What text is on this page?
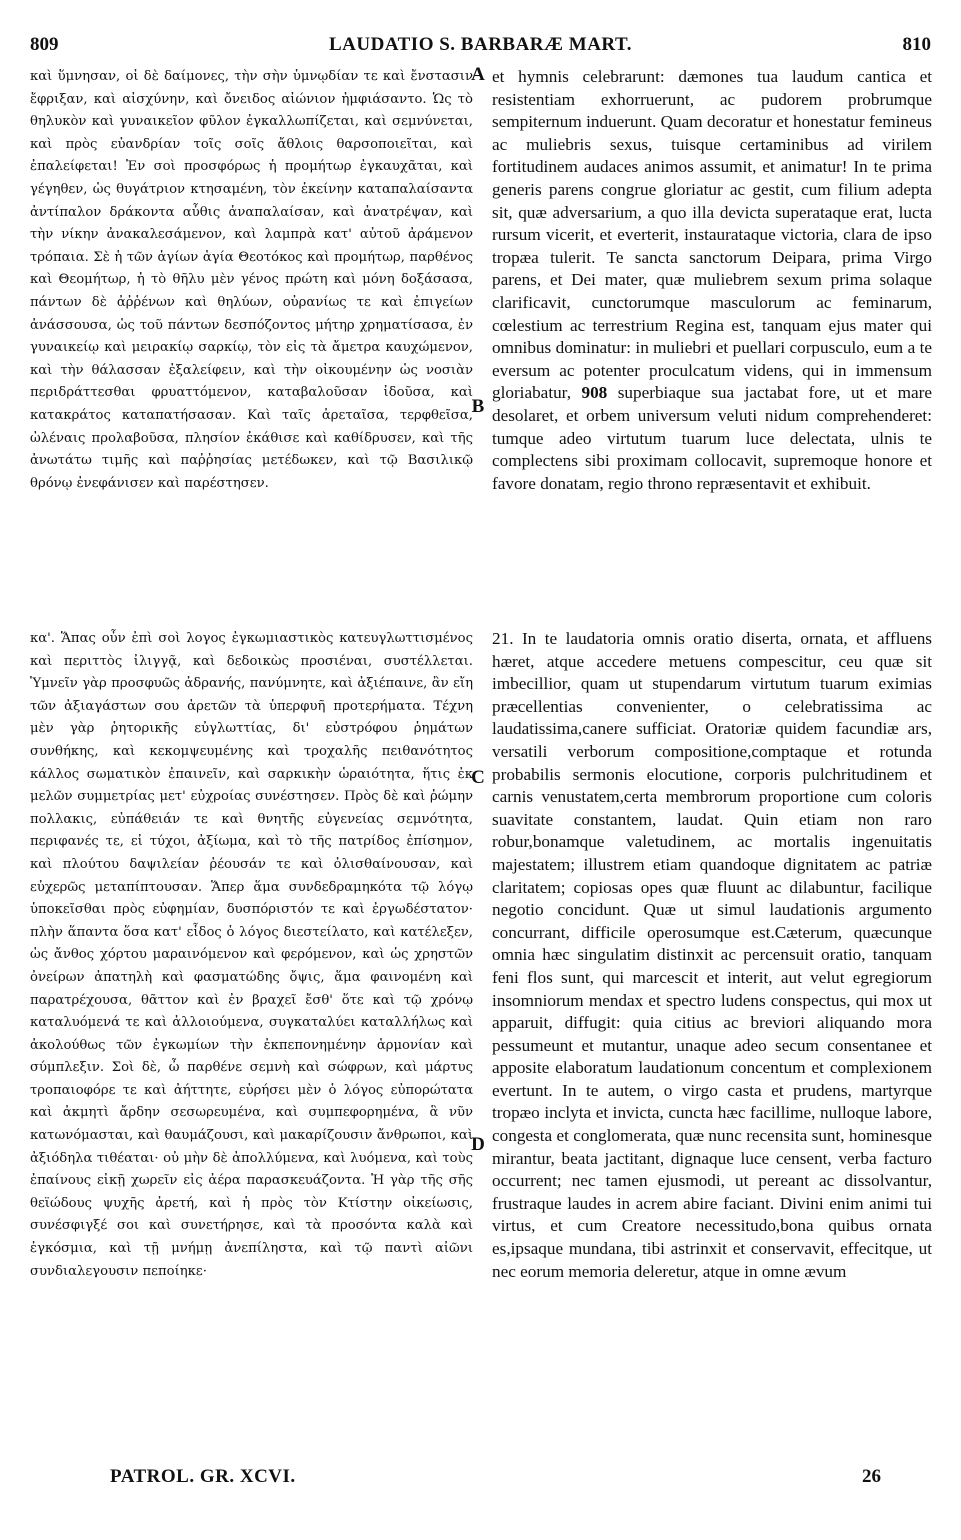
809	LAUDATIO S. BARBARÆ MART.	810

καὶ ὕμνησαν, οἱ δὲ δαίμονες, τὴν σὴν ὑμνῳδίαν τε καὶ ἔνστασιν ἔφριξαν, καὶ αἰσχύνην, καὶ ὄνειδος αἰώνιον ἠμφιάσαντο. Ὡς τὸ θηλυκὸν καὶ γυναικεῖον φῦλον ἐγκαλλωπίζεται, καὶ σεμνύνεται, καὶ πρὸς εὐανδρίαν τοῖς σοῖς ἄθλοις θαρσοποιεῖται, καὶ ἐπαλείφεται! Ἐν σοὶ προσφόρως ἡ προμήτωρ ἐγκαυχᾶται, καὶ γέγηθεν, ὡς θυγάτριον κτησαμένη, τὸν ἐκείνην καταπαλαίσαντα ἀντίπαλον δράκοντα αὖθις ἀναπαλαίσαν, καὶ ἀνατρέψαν, καὶ τὴν νίκην ἀνακαλεσάμενον, καὶ λαμπρὰ κατ' αὐτοῦ ἀράμενον τρόπαια. Σὲ ἡ τῶν ἁγίων ἁγία Θεοτόκος καὶ προμήτωρ, παρθένος καὶ Θεομήτωρ, ἡ τὸ θῆλυ μὲν γένος πρώτη καὶ μόνη δοξάσασα, πάντων δὲ ἀῤῥένων καὶ θηλύων, οὐρανίως τε καὶ ἐπιγείων ἀνάσσουσα, ὡς τοῦ πάντων δεσπόζοντος μήτηρ χρηματίσασα, ἐν γυναικείῳ καὶ μειρακίῳ σαρκίῳ, τὸν εἰς τὰ ἄμετρα καυχώμενον, καὶ τὴν θάλασσαν ἐξαλείφειν, καὶ τὴν οἰκουμένην ὡς νοσιὰν περιδράττεσθαι φρυαττόμενον, καταβαλοῦσαν ἰδοῦσα, καὶ κατακράτος καταπατήσασαν. Καὶ ταῖς ἀρεταῖσα, τερφθεῖσα, ὠλέναις προλαβοῦσα, πλησίον ἐκάθισε καὶ καθίδρυσεν, καὶ τῆς ἀνωτάτω τιμῆς καὶ παῤῥησίας μετέδωκεν, καὶ τῷ Βασιλικῷ θρόνῳ ἐνεφάνισεν καὶ παρέστησεν.

κα'. Ἅπας οὖν ἐπὶ σοὶ λογος ἐγκωμιαστικὸς κατευγλωττισμένος καὶ περιττὸς ἰλιγγᾷ, καὶ δεδοικὼς προσιέναι, συστέλλεται. Ὑμνεῖν γὰρ προσφυῶς ἀδρανής, πανύμνητε, καὶ ἀξιέπαινε, ἂν εἴη τῶν ἀξιαγάστων σου ἀρετῶν τὰ ὑπερφυῆ προτερήματα. Τέχνη μὲν γὰρ ῥητορικῆς εὐγλωττίας, δι' εὐστρόφου ῥημάτων συνθήκης, καὶ κεκομψευμένης καὶ τροχαλῆς πειθανότητος κάλλος σωματικὸν ἐπαινεῖν, καὶ σαρκικὴν ὡραιότητα, ἥτις ἐκ μελῶν συμμετρίας μετ' εὐχροίας συνέστησεν. Πρὸς δὲ καὶ ῥώμην πολλακις, εὐπάθειάν τε καὶ θνητῆς εὐγενείας σεμνότητα, περιφανές τε, εἰ τύχοι, ἀξίωμα, καὶ τὸ τῆς πατρίδος ἐπίσημον, καὶ πλούτου δαψιλείαν ῥέουσάν τε καὶ ὀλισθαίνουσαν, καὶ εὐχερῶς μεταπίπτουσαν. Ἅπερ ἅμα συνδεδραμηκότα τῷ λόγῳ ὑποκεῖσθαι πρὸς εὐφημίαν, δυσπόριστόν τε καὶ ἐργωδέστατον· πλὴν ἅπαντα ὅσα κατ' εἶδος ὁ λόγος διεστείλατο, καὶ κατέλεξεν, ὡς ἄνθος χόρτου μαραινόμενον καὶ φερόμενον, καὶ ὡς χρηστῶν ὀνείρων ἀπατηλὴ καὶ φασματώδης ὄψις, ἅμα φαινομένη καὶ παρατρέχουσα, θᾶττον καὶ ἐν βραχεῖ ἔσθ' ὅτε καὶ τῷ χρόνῳ καταλυόμενά τε καὶ ἀλλοιούμενα, συγκαταλύει καταλλήλως καὶ ἀκολούθως τῶν ἐγκωμίων τὴν ἐκπεπονημένην ἁρμονίαν καὶ σύμπλεξιν. Σοὶ δὲ, ὦ παρθένε σεμνὴ καὶ σώφρων, καὶ μάρτυς τροπαιοφόρε τε καὶ ἀήττητε, εὑρήσει μὲν ὁ λόγος εὐπορώτατα καὶ ἀκμητὶ ἄρδην σεσωρευμένα, καὶ συμπεφορημένα, ἃ νῦν κατωνόμασται, καὶ θαυμάζουσι, καὶ μακαρίζουσιν ἄνθρωποι, καὶ ἀξιόδηλα τιθέαται· οὐ μὴν δὲ ἀπολλύμενα, καὶ λυόμενα, καὶ τοὺς ἐπαίνους εἰκῇ χωρεῖν εἰς ἀέρα παρασκευάζοντα. Ἡ γὰρ τῆς σῆς θεϊώδους ψυχῆς ἀρετή, καὶ ἡ πρὸς τὸν Κτίστην οἰκείωσις, συνέσφιγξέ σοι καὶ συνετήρησε, καὶ τὰ προσόντα καλὰ καὶ ἐγκόσμια, καὶ τῇ μνήμῃ ἀνεπίληστα, καὶ τῷ παντὶ αἰῶνι συνδιαλεγουσιν πεποίηκε·

A
B
C
D

et hymnis celebrarunt: dæmones tua laudum cantica et resistentiam exhorruerunt, ac pudorem probrumque sempiternum induerunt. Quam decoratur et honestatur femineus ac muliebris sexus, tuisque certaminibus ad virilem fortitudinem audaces animos assumit, et animatur! In te prima generis parens congrue gloriatur ac gestit, cum filium adepta sit, quæ adversarium, a quo illa devicta superataque erat, lucta rursum vicerit, et everterit, instaurataque victoria, clara de ipso tropæa tulerit. Te sancta sanctorum Deipara, prima Virgo parens, et Dei mater, quæ muliebrem sexum prima solaque clarificavit, cunctorumque masculorum ac feminarum, cœlestium ac terrestrium Regina est, tanquam ejus mater qui omnibus dominatur: in muliebri et puellari corpusculo, eum a te eversum ac potenter proculcatum videns, qui in immensum gloriabatur, 908 superbiaque sua jactabat fore, ut et mare desolaret, et orbem universum veluti nidum comprehenderet: tumque adeo virtutum tuarum luce delectata, ulnis te complectens sibi proximam collocavit, supremoque honore et favore donatam, regio throno repræsentavit et exhibuit.

21. In te laudatoria omnis oratio diserta, ornata, et affluens hæret, atque accedere metuens compescitur, ceu quæ sit imbecillior, quam ut stupendarum virtutum tuarum eximias præcellentias convenienter, o celebratissima ac laudatissima,canere sufficiat. Oratoriæ quidem facundiæ ars, versatili verborum compositione,comptaque et rotunda probabilis sermonis elocutione, corporis pulchritudinem et carnis venustatem,certa membrorum proportione cum coloris suavitate constantem, laudat. Quin etiam non raro robur,bonamque valetudinem, ac mortalis ingenuitatis majestatem; illustrem etiam quandoque dignitatem ac patriæ claritatem; copiosas opes quæ fluunt ac dilabuntur, facilique negotio concidunt. Quæ ut simul laudationis argumento concurrant, difficile operosumque est.Cæterum, quæcunque omnia hæc singulatim distinxit ac percensuit oratio, tanquam feni flos sunt, qui marcescit et interit, aut velut egregiorum insomniorum mendax et spectro ludens conspectus, qui mox ut apparuit, diffugit: quia citius ac breviori aliquando mora pessumeunt et mutantur, unaque adeo secum consentanee et apposite elaboratum laudationum concentum et complexionem evertunt. In te autem, o virgo casta et prudens, martyrque tropæo inclyta et invicta, cuncta hæc facillime, nulloque labore, congesta et conglomerata, quæ nunc recensita sunt, hominesque mirantur, beata jactitant, dignaque luce censent, verba facturo occurrent; nec tamen ejusmodi, ut pereant ac dissolvantur, frustraque laudes in acrem abire faciant. Divini enim animi tui virtus, et cum Creatore necessitudo,bona quibus ornata es,ipsaque mundana, tibi astrinxit et conservavit, effecitque, ut nec eorum memoria deleretur, atque in omne ævum

PATROL. GR. XCVI.	26
